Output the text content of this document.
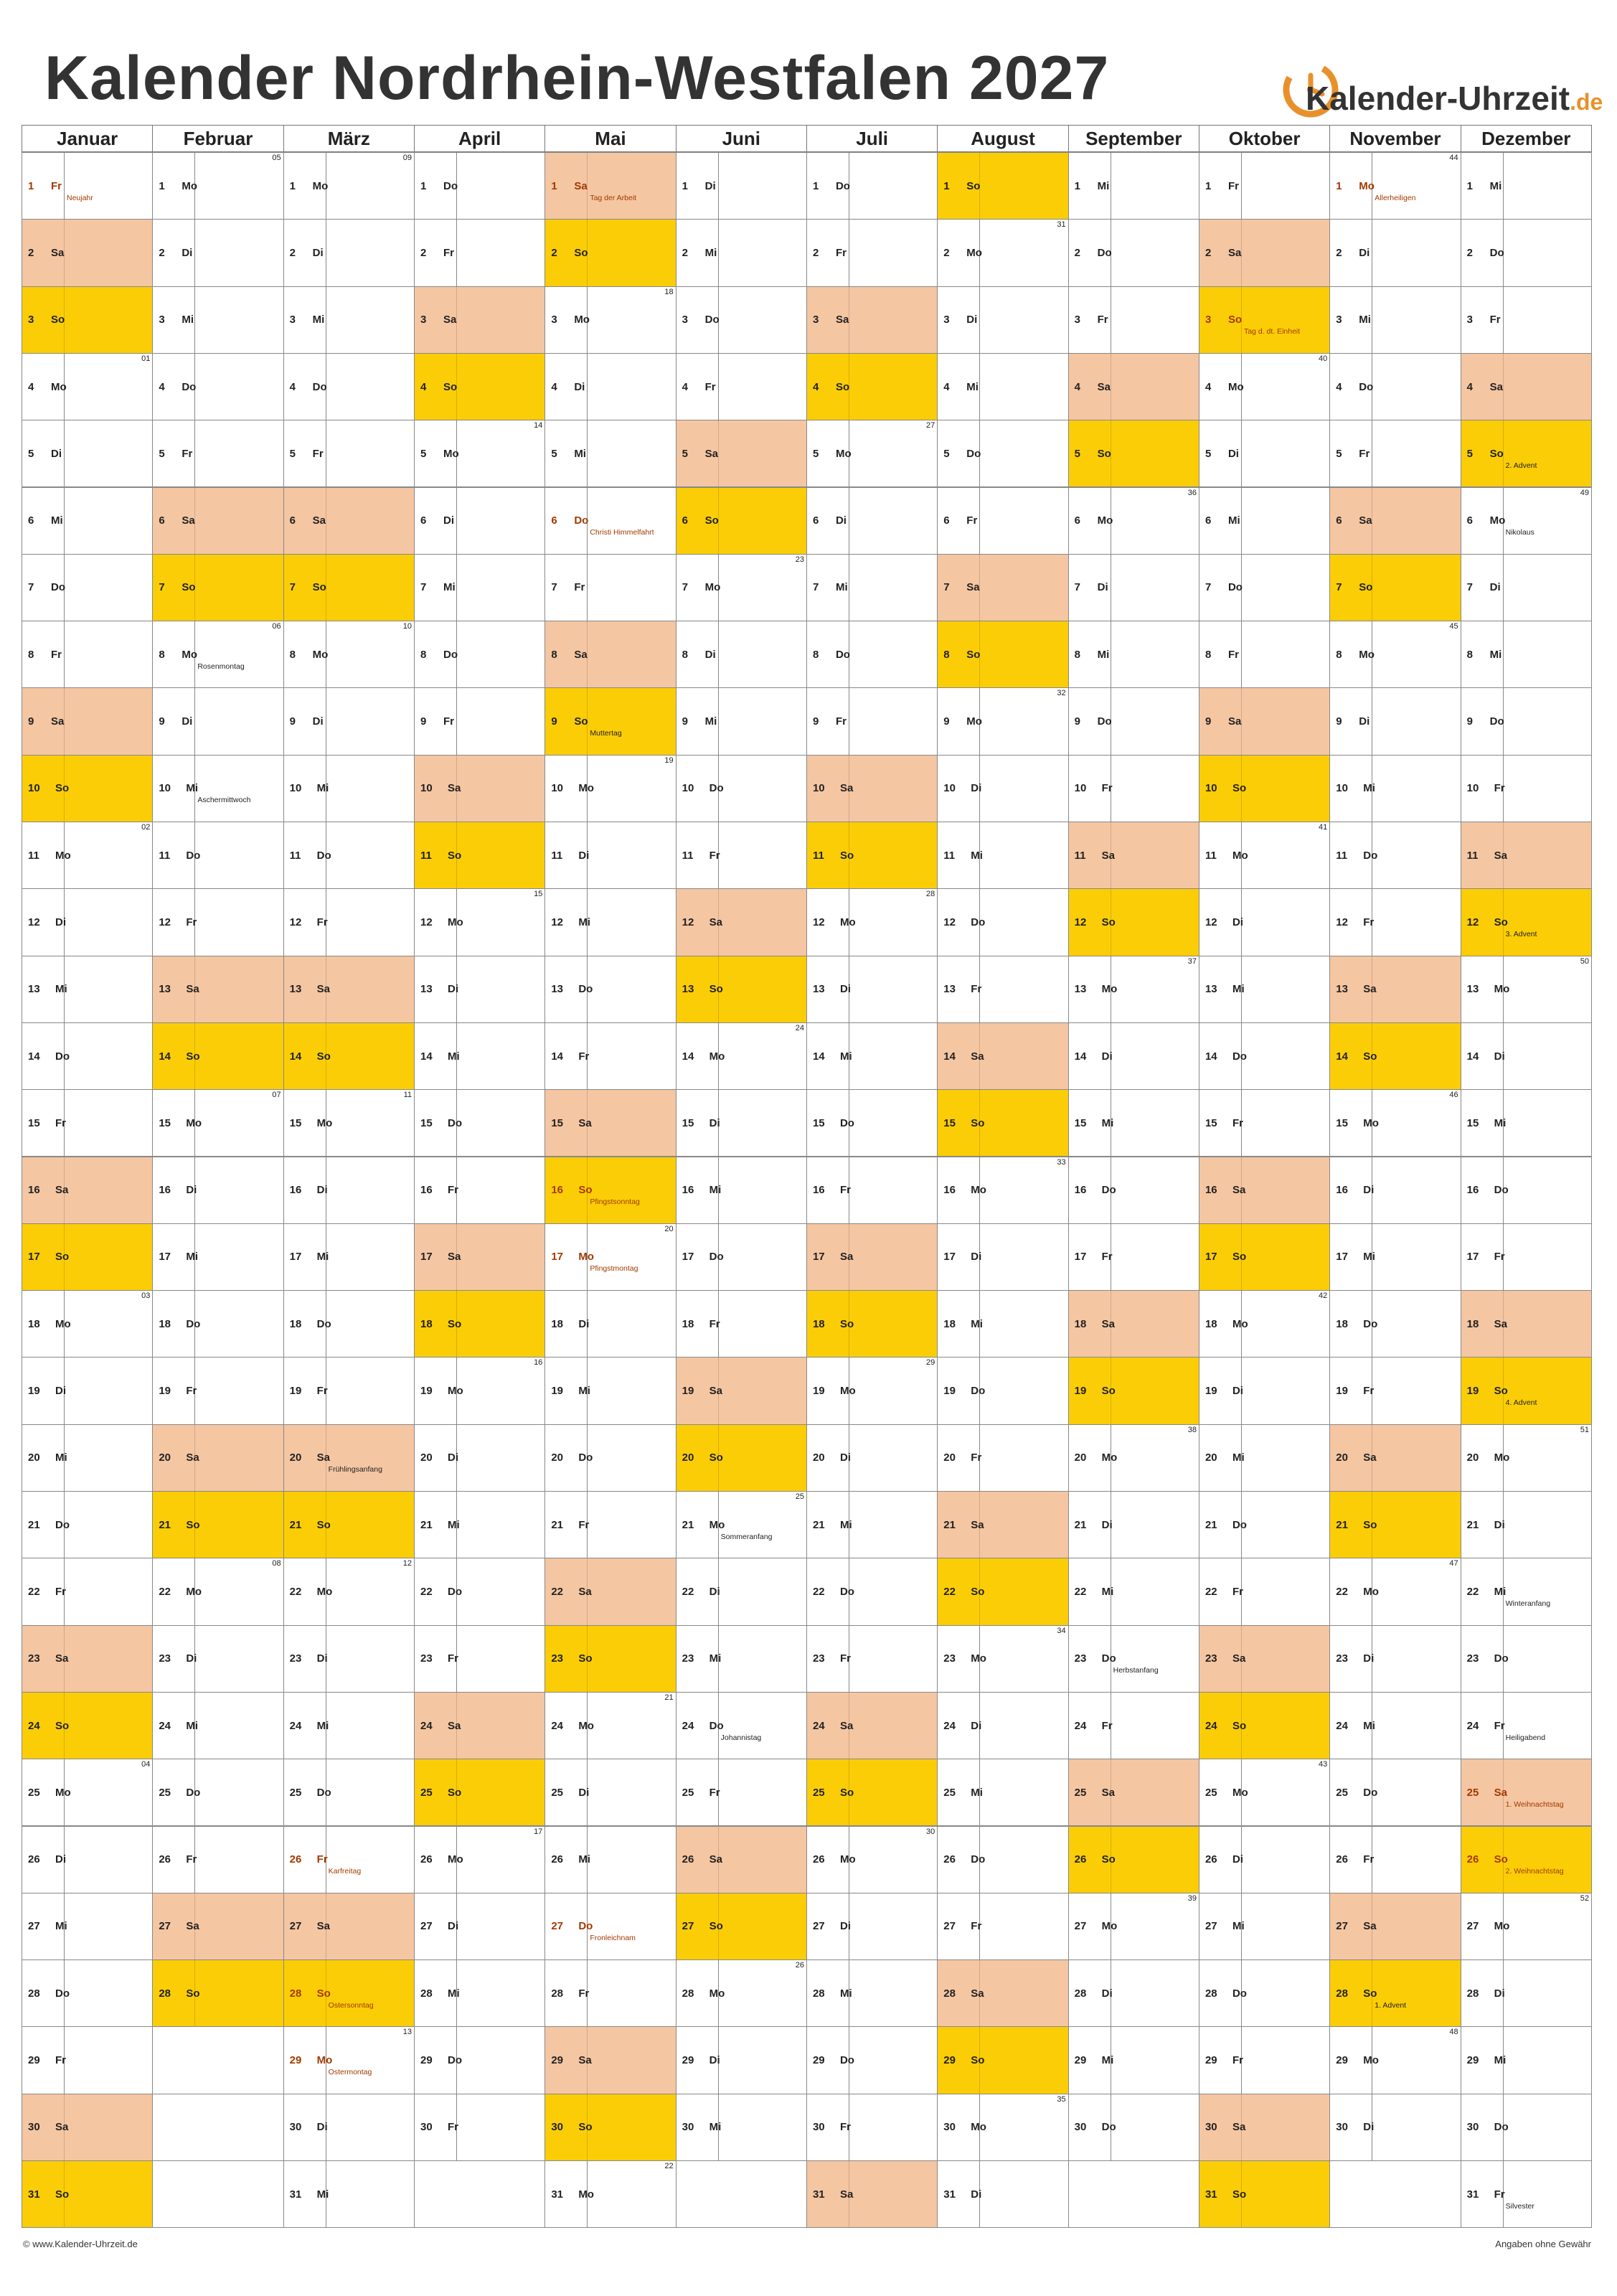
Kalender Nordrhein-Westfalen 2027	Kalender-Uhrzeit.de
Januar
1 Fr
Neujahr
2 Sa
3 So
4 Mo
01
5 Di
6 Mi
7 Do
8 Fr
9 Sa
10 So
11 Mo
02
12 Di
13 Mi
14 Do
15 Fr
16 Sa
17 So
18 Mo
03
19 Di
20 Mi
21 Do
22 Fr
23 Sa
24 So
25 Mo
04
26 Di
27 Mi
28 Do
29 Fr
30 Sa
31 So
Februar
1 Mo
05
2 Di
3 Mi
4 Do
5 Fr
6 Sa
7 So
8 Mo
06
Rosenmontag
9 Di
10 Mi
Aschermittwoch
11 Do
12 Fr
13 Sa
14 So
15 Mo
07
16 Di
17 Mi
18 Do
19 Fr
20 Sa
21 So
22 Mo
08
23 Di
24 Mi
25 Do
26 Fr
27 Sa
28 So
März
1 Mo
09
2 Di
3 Mi
4 Do
5 Fr
6 Sa
7 So
8 Mo
10
9 Di
10 Mi
11 Do
12 Fr
13 Sa
14 So
15 Mo
11
16 Di
17 Mi
18 Do
19 Fr
20 Sa
Frühlingsanfang
21 So
22 Mo
12
23 Di
24 Mi
25 Do
26 Fr
Karfreitag
27 Sa
28 So
Ostersonntag
29 Mo
13
Ostermontag
30 Di
31 Mi
April
1 Do
2 Fr
3 Sa
4 So
5 Mo
14
6 Di
7 Mi
8 Do
9 Fr
10 Sa
11 So
12 Mo
15
13 Di
14 Mi
15 Do
16 Fr
17 Sa
18 So
19 Mo
16
20 Di
21 Mi
22 Do
23 Fr
24 Sa
25 So
26 Mo
17
27 Di
28 Mi
29 Do
30 Fr
Mai
1 Sa
Tag der Arbeit
2 So
3 Mo
18
4 Di
5 Mi
6 Do
Christi Himmelfahrt
7 Fr
8 Sa
9 So
Muttertag
10 Mo
19
11 Di
12 Mi
13 Do
14 Fr
15 Sa
16 So
Pfingstsonntag
17 Mo
20
Pfingstmontag
18 Di
19 Mi
20 Do
21 Fr
22 Sa
23 So
24 Mo
21
25 Di
26 Mi
27 Do
Fronleichnam
28 Fr
29 Sa
30 So
31 Mo
22
Juni
1 Di
2 Mi
3 Do
4 Fr
5 Sa
6 So
7 Mo
23
8 Di
9 Mi
10 Do
11 Fr
12 Sa
13 So
14 Mo
24
15 Di
16 Mi
17 Do
18 Fr
19 Sa
20 So
21 Mo
25
Sommeranfang
22 Di
23 Mi
24 Do
Johannistag
25 Fr
26 Sa
27 So
28 Mo
26
29 Di
30 Mi
Juli
1 Do
2 Fr
3 Sa
4 So
5 Mo
27
6 Di
7 Mi
8 Do
9 Fr
10 Sa
11 So
12 Mo
28
13 Di
14 Mi
15 Do
16 Fr
17 Sa
18 So
19 Mo
29
20 Di
21 Mi
22 Do
23 Fr
24 Sa
25 So
26 Mo
30
27 Di
28 Mi
29 Do
30 Fr
31 Sa
August
1 So
2 Mo
31
3 Di
4 Mi
5 Do
6 Fr
7 Sa
8 So
9 Mo
32
10 Di
11 Mi
12 Do
13 Fr
14 Sa
15 So
16 Mo
33
17 Di
18 Mi
19 Do
20 Fr
21 Sa
22 So
23 Mo
34
24 Di
25 Mi
26 Do
27 Fr
28 Sa
29 So
30 Mo
35
31 Di
September
1 Mi
2 Do
3 Fr
4 Sa
5 So
6 Mo
36
7 Di
8 Mi
9 Do
10 Fr
11 Sa
12 So
13 Mo
37
14 Di
15 Mi
16 Do
17 Fr
18 Sa
19 So
20 Mo
38
21 Di
22 Mi
23 Do
Herbstanfang
24 Fr
25 Sa
26 So
27 Mo
39
28 Di
29 Mi
30 Do
Oktober
1 Fr
2 Sa
3 So
Tag d. dt. Einheit
4 Mo
40
5 Di
6 Mi
7 Do
8 Fr
9 Sa
10 So
11 Mo
41
12 Di
13 Mi
14 Do
15 Fr
16 Sa
17 So
18 Mo
42
19 Di
20 Mi
21 Do
22 Fr
23 Sa
24 So
25 Mo
43
26 Di
27 Mi
28 Do
29 Fr
30 Sa
31 So
November
1 Mo
44
Allerheiligen
2 Di
3 Mi
4 Do
5 Fr
6 Sa
7 So
8 Mo
45
9 Di
10 Mi
11 Do
12 Fr
13 Sa
14 So
15 Mo
46
16 Di
17 Mi
18 Do
19 Fr
20 Sa
21 So
22 Mo
47
23 Di
24 Mi
25 Do
26 Fr
27 Sa
28 So
1. Advent
29 Mo
48
30 Di
Dezember
1 Mi
2 Do
3 Fr
4 Sa
5 So
2. Advent
6 Mo
49
Nikolaus
7 Di
8 Mi
9 Do
10 Fr
11 Sa
12 So
3. Advent
13 Mo
50
14 Di
15 Mi
16 Do
17 Fr
18 Sa
19 So
4. Advent
20 Mo
51
21 Di
22 Mi
Winteranfang
23 Do
24 Fr
Heiligabend
25 Sa
1. Weihnachtstag
26 So
2. Weihnachtstag
27 Mo
52
28 Di
29 Mi
30 Do
31 Fr
Silvester
© www.Kalender-Uhrzeit.de	Angaben ohne Gewähr
